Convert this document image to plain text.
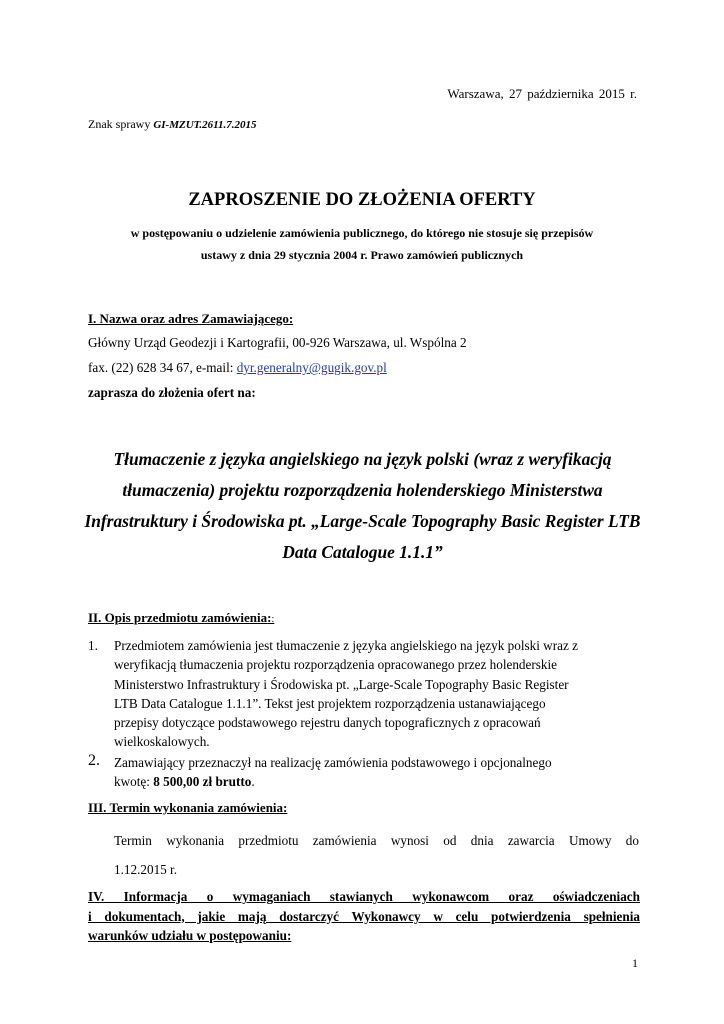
Warszawa, 27 października 2015 r.
Znak sprawy GI-MZUT.2611.7.2015
ZAPROSZENIE DO ZŁOŻENIA OFERTY
w postępowaniu o udzielenie zamówienia publicznego, do którego nie stosuje się przepisów
ustawy z dnia 29 stycznia 2004 r. Prawo zamówień publicznych
I. Nazwa oraz adres Zamawiającego:
Główny Urząd Geodezji i Kartografii, 00-926 Warszawa, ul. Wspólna 2
fax. (22) 628 34 67, e-mail: dyr.generalny@gugik.gov.pl
zaprasza do złożenia ofert na:
Tłumaczenie z języka angielskiego na język polski (wraz z weryfikacją
tłumaczenia) projektu rozporządzenia holenderskiego Ministerstwa
Infrastruktury i Środowiska pt. „Large-Scale Topography Basic Register LTB
Data Catalogue 1.1.1”
II. Opis przedmiotu zamówienia::
1. Przedmiotem zamówienia jest tłumaczenie z języka angielskiego na język polski wraz z
weryfikacją tłumaczenia projektu rozporządzenia opracowanego przez holenderskie
Ministerstwo Infrastruktury i Środowiska pt. „Large-Scale Topography Basic Register
LTB Data Catalogue 1.1.1”. Tekst jest projektem rozporządzenia ustanawiającego
przepisy dotyczące podstawowego rejestru danych topograficznych z opracowań
wielkoskalowych.
2. Zamawiający przeznaczył na realizację zamówienia podstawowego i opcjonalnego
kwotę: 8 500,00 zł brutto.
III. Termin wykonania zamówienia:
Termin wykonania przedmiotu zamówienia wynosi od dnia zawarcia Umowy do
1.12.2015 r.
IV. Informacja o wymaganiach stawianych wykonawcom oraz oświadczeniach
i dokumentach, jakie mają dostarczyć Wykonawcy w celu potwierdzenia spełnienia
warunków udziału w postępowaniu:
1
